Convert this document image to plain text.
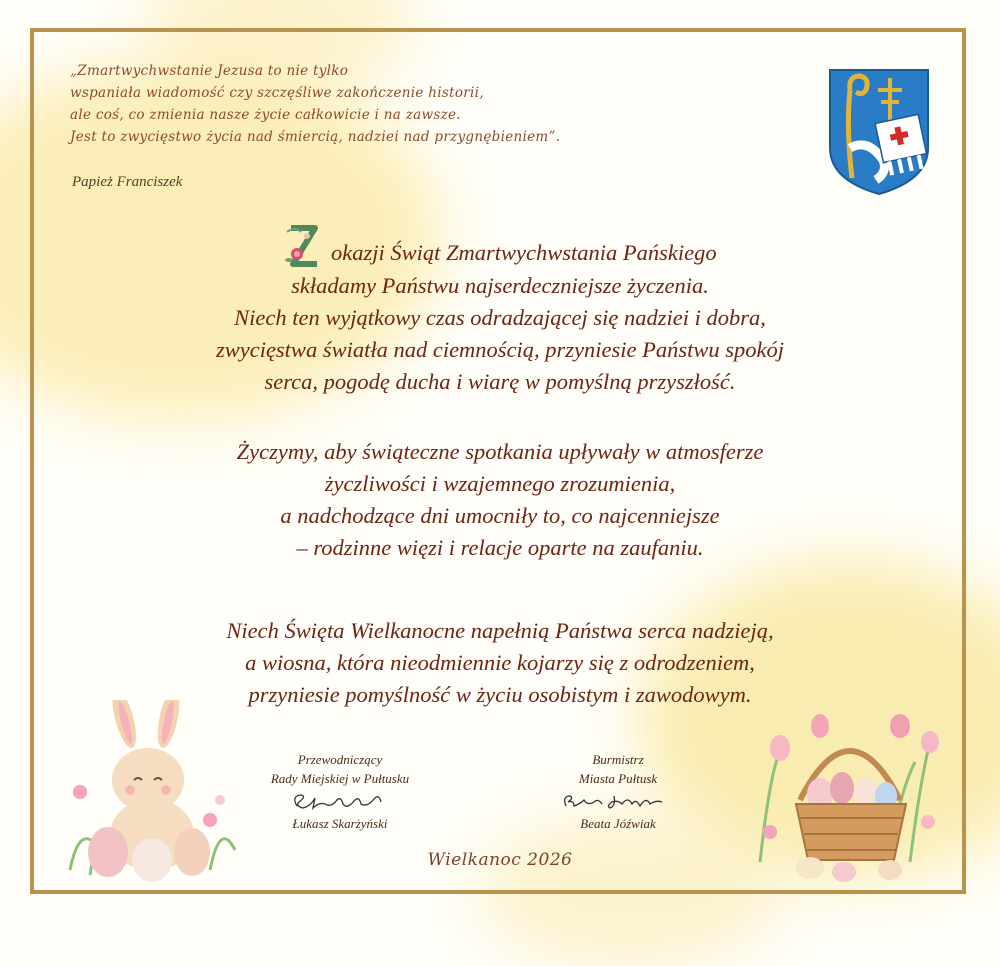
„Zmartwychwstanie Jezusa to nie tylko
wspaniała wiadomość czy szczęśliwe zakończenie historii,
ale coś, co zmienia nasze życie całkowicie i na zawsze.
Jest to zwycięstwo życia nad śmiercią, nadziei nad przygnębieniem”.
Papież Franciszek
okazji Świąt Zmartwychwstania Pańskiego
składamy Państwu najserdeczniejsze życzenia.
Niech ten wyjątkowy czas odradzającej się nadziei i dobra,
zwycięstwa światła nad ciemnością, przyniesie Państwu spokój
serca, pogodę ducha i wiarę w pomyślną przyszłość.
Życzymy, aby świąteczne spotkania upływały w atmosferze
życzliwości i wzajemnego zrozumienia,
a nadchodzące dni umocniły to, co najcenniejsze
– rodzinne więzi i relacje oparte na zaufaniu.
Niech Święta Wielkanocne napełnią Państwa serca nadzieją,
a wiosna, która nieodmiennie kojarzy się z odrodzeniem,
przyniesie pomyślność w życiu osobistym i zawodowym.
Przewodniczący
Rady Miejskiej w Pułtusku
Łukasz Skarżyński
Burmistrz
Miasta Pułtusk
Beata Jóźwiak
Wielkanoc 2026
